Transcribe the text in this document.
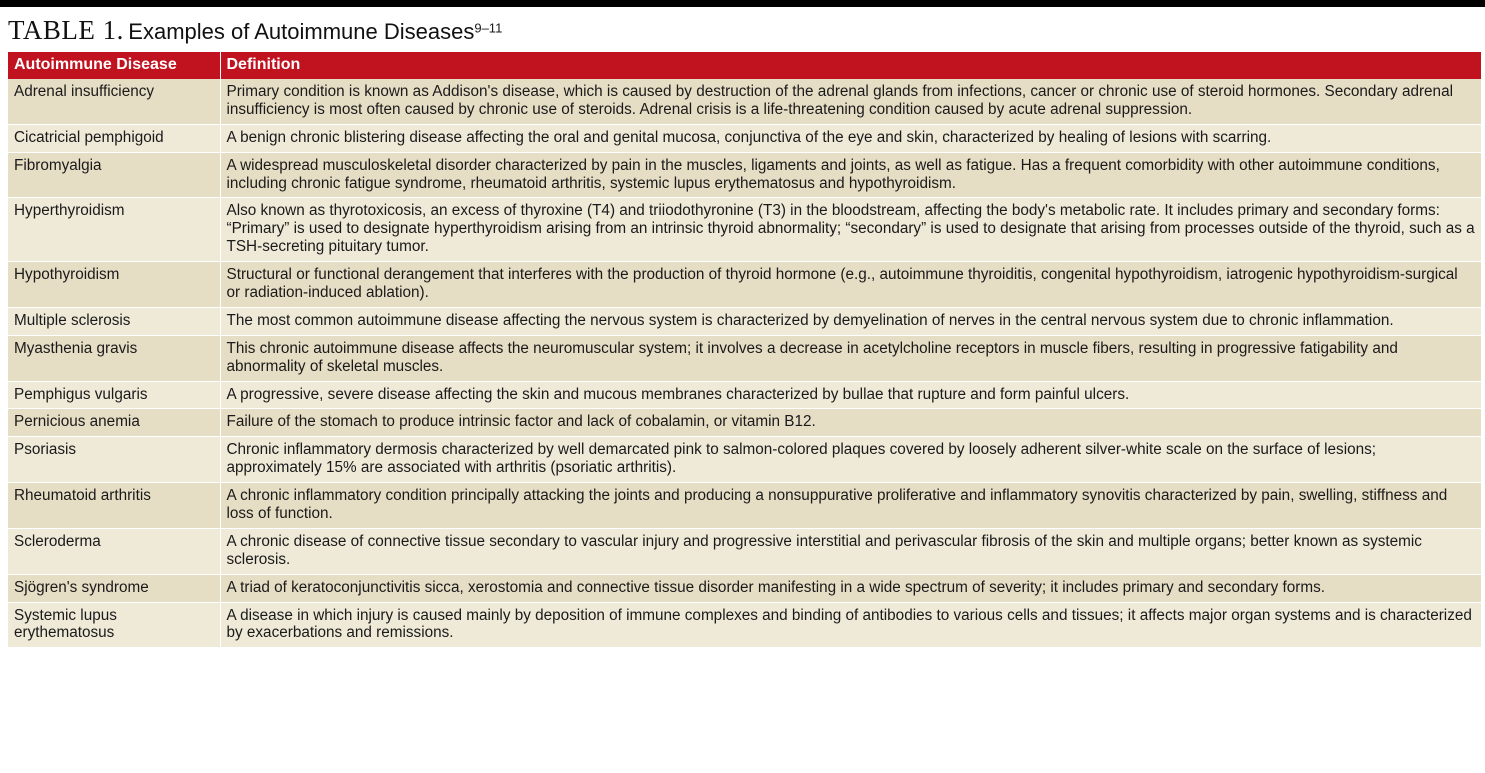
TABLE 1. Examples of Autoimmune Diseases$^{9-11}$
Autoimmune Disease	Definition
Adrenal insufficiency	Primary condition is known as Addison's disease, which is caused by destruction of the adrenal glands from infections, cancer or chronic use of steroid hormones. Secondary adrenal insufficiency is most often caused by chronic use of steroids. Adrenal crisis is a life-threatening condition caused by acute adrenal suppression.
Cicatricial pemphigoid	A benign chronic blistering disease affecting the oral and genital mucosa, conjunctiva of the eye and skin, characterized by healing of lesions with scarring.
Fibromyalgia	A widespread musculoskeletal disorder characterized by pain in the muscles, ligaments and joints, as well as fatigue. Has a frequent comorbidity with other autoimmune conditions, including chronic fatigue syndrome, rheumatoid arthritis, systemic lupus erythematosus and hypothyroidism.
Hyperthyroidism	Also known as thyrotoxicosis, an excess of thyroxine (T4) and triiodothyronine (T3) in the bloodstream, affecting the body's metabolic rate. It includes primary and secondary forms: “Primary” is used to designate hyperthyroidism arising from an intrinsic thyroid abnormality; “secondary” is used to designate that arising from processes outside of the thyroid, such as a TSH-secreting pituitary tumor.
Hypothyroidism	Structural or functional derangement that interferes with the production of thyroid hormone (e.g., autoimmune thyroiditis, congenital hypothyroidism, iatrogenic hypothyroidism-surgical or radiation-induced ablation).
Multiple sclerosis	The most common autoimmune disease affecting the nervous system is characterized by demyelination of nerves in the central nervous system due to chronic inflammation.
Myasthenia gravis	This chronic autoimmune disease affects the neuromuscular system; it involves a decrease in acetylcholine receptors in muscle fibers, resulting in progressive fatigability and abnormality of skeletal muscles.
Pemphigus vulgaris	A progressive, severe disease affecting the skin and mucous membranes characterized by bullae that rupture and form painful ulcers.
Pernicious anemia	Failure of the stomach to produce intrinsic factor and lack of cobalamin, or vitamin B12.
Psoriasis	Chronic inflammatory dermosis characterized by well demarcated pink to salmon-colored plaques covered by loosely adherent silver-white scale on the surface of lesions; approximately 15% are associated with arthritis (psoriatic arthritis).
Rheumatoid arthritis	A chronic inflammatory condition principally attacking the joints and producing a nonsuppurative proliferative and inflammatory synovitis characterized by pain, swelling, stiffness and loss of function.
Scleroderma	A chronic disease of connective tissue secondary to vascular injury and progressive interstitial and perivascular fibrosis of the skin and multiple organs; better known as systemic sclerosis.
Sjögren's syndrome	A triad of keratoconjunctivitis sicca, xerostomia and connective tissue disorder manifesting in a wide spectrum of severity; it includes primary and secondary forms.
Systemic lupus erythematosus	A disease in which injury is caused mainly by deposition of immune complexes and binding of antibodies to various cells and tissues; it affects major organ systems and is characterized by exacerbations and remissions.
